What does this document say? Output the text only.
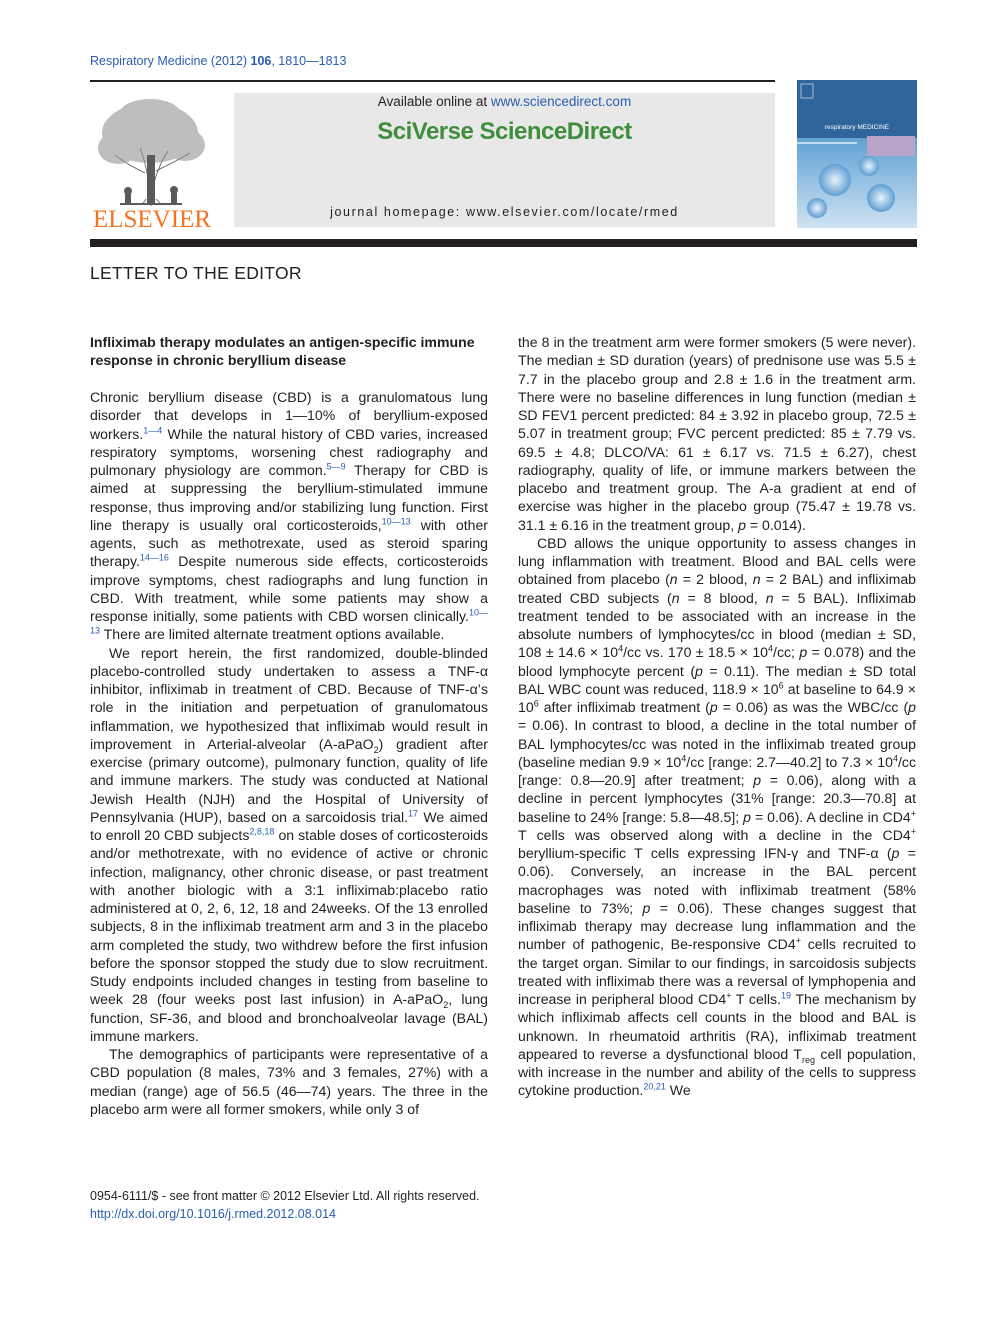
Respiratory Medicine (2012) 106, 1810—1813
ELSEVIER
Available online at www.sciencedirect.com
SciVerse ScienceDirect
journal homepage: www.elsevier.com/locate/rmed
respiratory MEDICINE
LETTER TO THE EDITOR
Infliximab therapy modulates an antigen-specific immune response in chronic beryllium disease

Chronic beryllium disease (CBD) is a granulomatous lung disorder that develops in 1—10% of beryllium-exposed workers.$^{1—4}$ While the natural history of CBD varies, increased respiratory symptoms, worsening chest radiography and pulmonary physiology are common.$^{5—9}$ Therapy for CBD is aimed at suppressing the beryllium-stimulated immune response, thus improving and/or stabilizing lung function. First line therapy is usually oral corticosteroids,$^{10—13}$ with other agents, such as methotrexate, used as steroid sparing therapy.$^{14—16}$ Despite numerous side effects, corticosteroids improve symptoms, chest radiographs and lung function in CBD. With treatment, while some patients may show a response initially, some patients with CBD worsen clinically.$^{10—13}$ There are limited alternate treatment options available.

We report herein, the first randomized, double-blinded placebo-controlled study undertaken to assess a TNF-α inhibitor, infliximab in treatment of CBD. Because of TNF-α’s role in the initiation and perpetuation of granulomatous inflammation, we hypothesized that infliximab would result in improvement in Arterial-alveolar (A-aPaO$_2$) gradient after exercise (primary outcome), pulmonary function, quality of life and immune markers. The study was conducted at National Jewish Health (NJH) and the Hospital of University of Pennsylvania (HUP), based on a sarcoidosis trial.$^{17}$ We aimed to enroll 20 CBD subjects$^{2,8,18}$ on stable doses of corticosteroids and/or methotrexate, with no evidence of active or chronic infection, malignancy, other chronic disease, or past treatment with another biologic with a 3:1 infliximab:placebo ratio administered at 0, 2, 6, 12, 18 and 24weeks. Of the 13 enrolled subjects, 8 in the infliximab treatment arm and 3 in the placebo arm completed the study, two withdrew before the first infusion before the sponsor stopped the study due to slow recruitment. Study endpoints included changes in testing from baseline to week 28 (four weeks post last infusion) in A-aPaO$_2$, lung function, SF-36, and blood and bronchoalveolar lavage (BAL) immune markers.

The demographics of participants were representative of a CBD population (8 males, 73% and 3 females, 27%) with a median (range) age of 56.5 (46—74) years. The three in the placebo arm were all former smokers, while only 3 of

the 8 in the treatment arm were former smokers (5 were never). The median ± SD duration (years) of prednisone use was 5.5 ± 7.7 in the placebo group and 2.8 ± 1.6 in the treatment arm. There were no baseline differences in lung function (median ± SD FEV1 percent predicted: 84 ± 3.92 in placebo group, 72.5 ± 5.07 in treatment group; FVC percent predicted: 85 ± 7.79 vs. 69.5 ± 4.8; DLCO/VA: 61 ± 6.17 vs. 71.5 ± 6.27), chest radiography, quality of life, or immune markers between the placebo and treatment group. The A-a gradient at end of exercise was higher in the placebo group (75.47 ± 19.78 vs. 31.1 ± 6.16 in the treatment group, p = 0.014).

CBD allows the unique opportunity to assess changes in lung inflammation with treatment. Blood and BAL cells were obtained from placebo (n = 2 blood, n = 2 BAL) and infliximab treated CBD subjects (n = 8 blood, n = 5 BAL). Infliximab treatment tended to be associated with an increase in the absolute numbers of lymphocytes/cc in blood (median ± SD, $108 \pm 14.6 \times 10^4/cc$ vs. $170 \pm 18.5 \times 10^4/cc$; p = 0.078) and the blood lymphocyte percent (p = 0.11). The median ± SD total BAL WBC count was reduced, $118.9 \times 10^6$ at baseline to $64.9 \times 10^6$ after infliximab treatment (p = 0.06) as was the WBC/cc (p = 0.06). In contrast to blood, a decline in the total number of BAL lymphocytes/cc was noted in the infliximab treated group (baseline median $9.9 \times 10^4/cc$ [range: 2.7—40.2] to $7.3 \times 10^4/cc$ [range: 0.8—20.9] after treatment; p = 0.06), along with a decline in percent lymphocytes (31% [range: 20.3—70.8] at baseline to 24% [range: 5.8—48.5]; p = 0.06). A decline in CD4+ T cells was observed along with a decline in the CD4+ beryllium-specific T cells expressing IFN-γ and TNF-α (p = 0.06). Conversely, an increase in the BAL percent macrophages was noted with infliximab treatment (58% baseline to 73%; p = 0.06). These changes suggest that infliximab therapy may decrease lung inflammation and the number of pathogenic, Be-responsive CD4+ cells recruited to the target organ. Similar to our findings, in sarcoidosis subjects treated with infliximab there was a reversal of lymphopenia and increase in peripheral blood CD4+ T cells.$^{19}$ The mechanism by which infliximab affects cell counts in the blood and BAL is unknown. In rheumatoid arthritis (RA), infliximab treatment appeared to reverse a dysfunctional blood $T_{reg}$ cell population, with increase in the number and ability of the cells to suppress cytokine production.$^{20,21}$ We

0954-6111/$ - see front matter © 2012 Elsevier Ltd. All rights reserved.
http://dx.doi.org/10.1016/j.rmed.2012.08.014
